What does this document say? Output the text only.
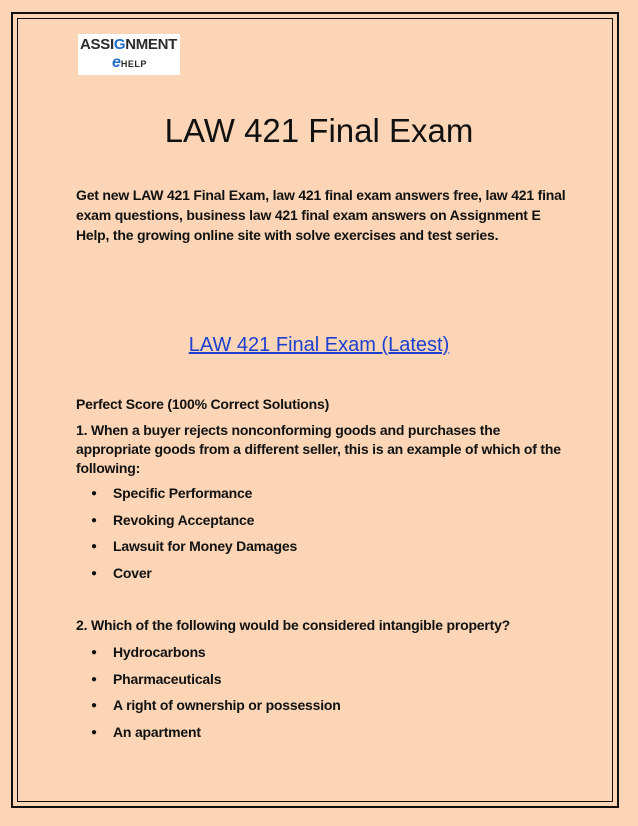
ASSIGNMENT
eHELP
LAW 421 Final Exam

Get new LAW 421 Final Exam, law 421 final exam answers free, law 421 final exam questions, business law 421 final exam answers on Assignment E Help, the growing online site with solve exercises and test series.

LAW 421 Final Exam (Latest)

Perfect Score (100% Correct Solutions)

1. When a buyer rejects nonconforming goods and purchases the appropriate goods from a different seller, this is an example of which of the following:

● Specific Performance
● Revoking Acceptance
● Lawsuit for Money Damages
● Cover

2. Which of the following would be considered intangible property?

● Hydrocarbons
● Pharmaceuticals
● A right of ownership or possession
● An apartment
